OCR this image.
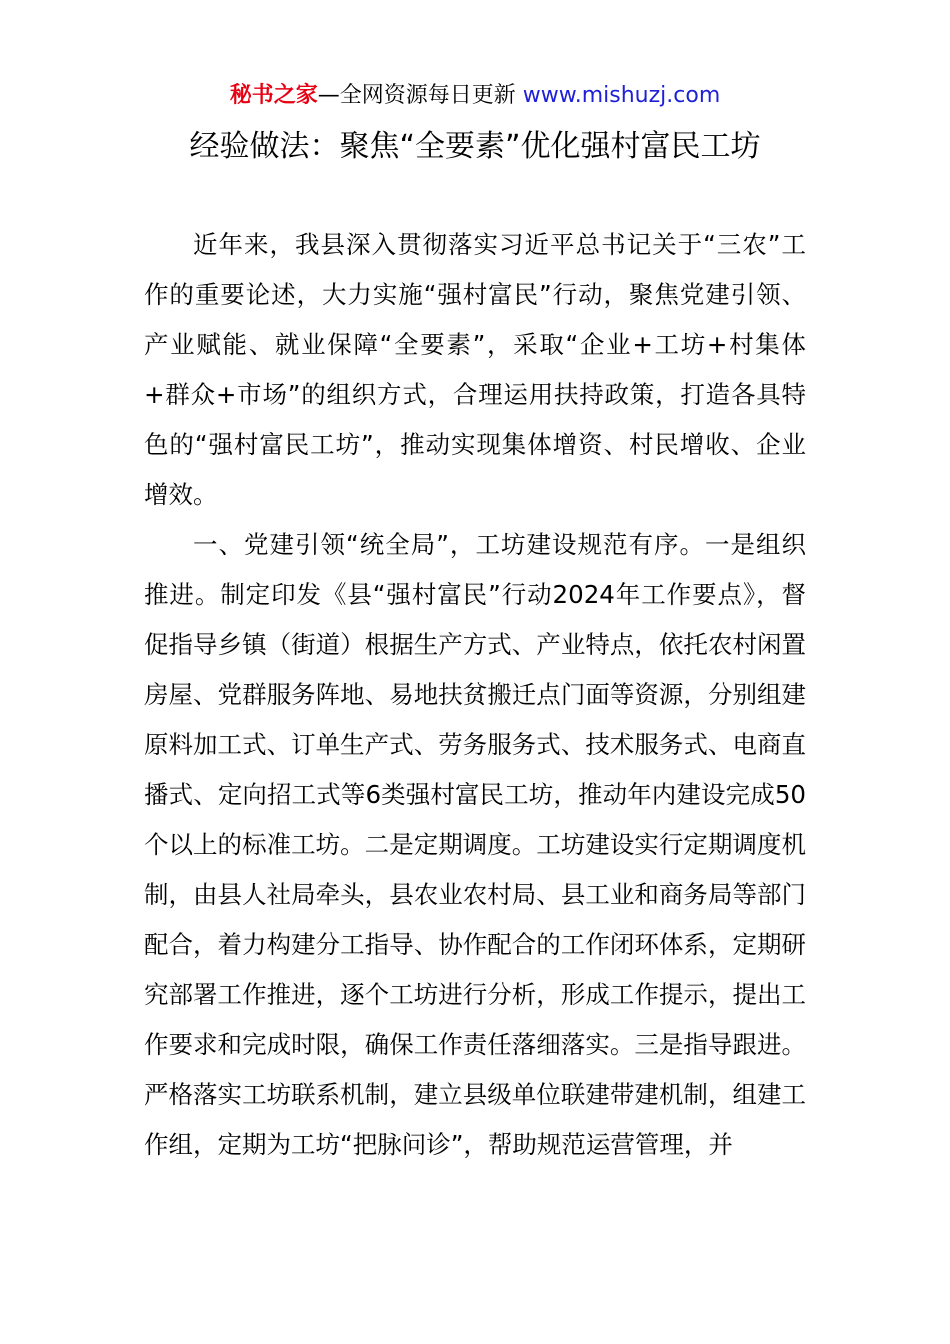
秘书之家—全网资源每日更新 www.mishuzj.com
经验做法：聚焦“全要素”优化强村富民工坊

近年来，我县深入贯彻落实习近平总书记关于“三农”工作的重要论述，大力实施“强村富民”行动，聚焦党建引领、产业赋能、就业保障“全要素”，采取“企业+工坊+村集体+群众+市场”的组织方式，合理运用扶持政策，打造各具特色的“强村富民工坊”，推动实现集体增资、村民增收、企业增效。

一、党建引领“统全局”，工坊建设规范有序。一是组织推进。制定印发《县“强村富民”行动2024年工作要点》，督促指导乡镇（街道）根据生产方式、产业特点，依托农村闲置房屋、党群服务阵地、易地扶贫搬迁点门面等资源，分别组建原料加工式、订单生产式、劳务服务式、技术服务式、电商直播式、定向招工式等6类强村富民工坊，推动年内建设完成50个以上的标准工坊。二是定期调度。工坊建设实行定期调度机制，由县人社局牵头，县农业农村局、县工业和商务局等部门配合，着力构建分工指导、协作配合的工作闭环体系，定期研究部署工作推进，逐个工坊进行分析，形成工作提示，提出工作要求和完成时限，确保工作责任落细落实。三是指导跟进。严格落实工坊联系机制，建立县级单位联建带建机制，组建工作组，定期为工坊“把脉问诊”，帮助规范运营管理，并
